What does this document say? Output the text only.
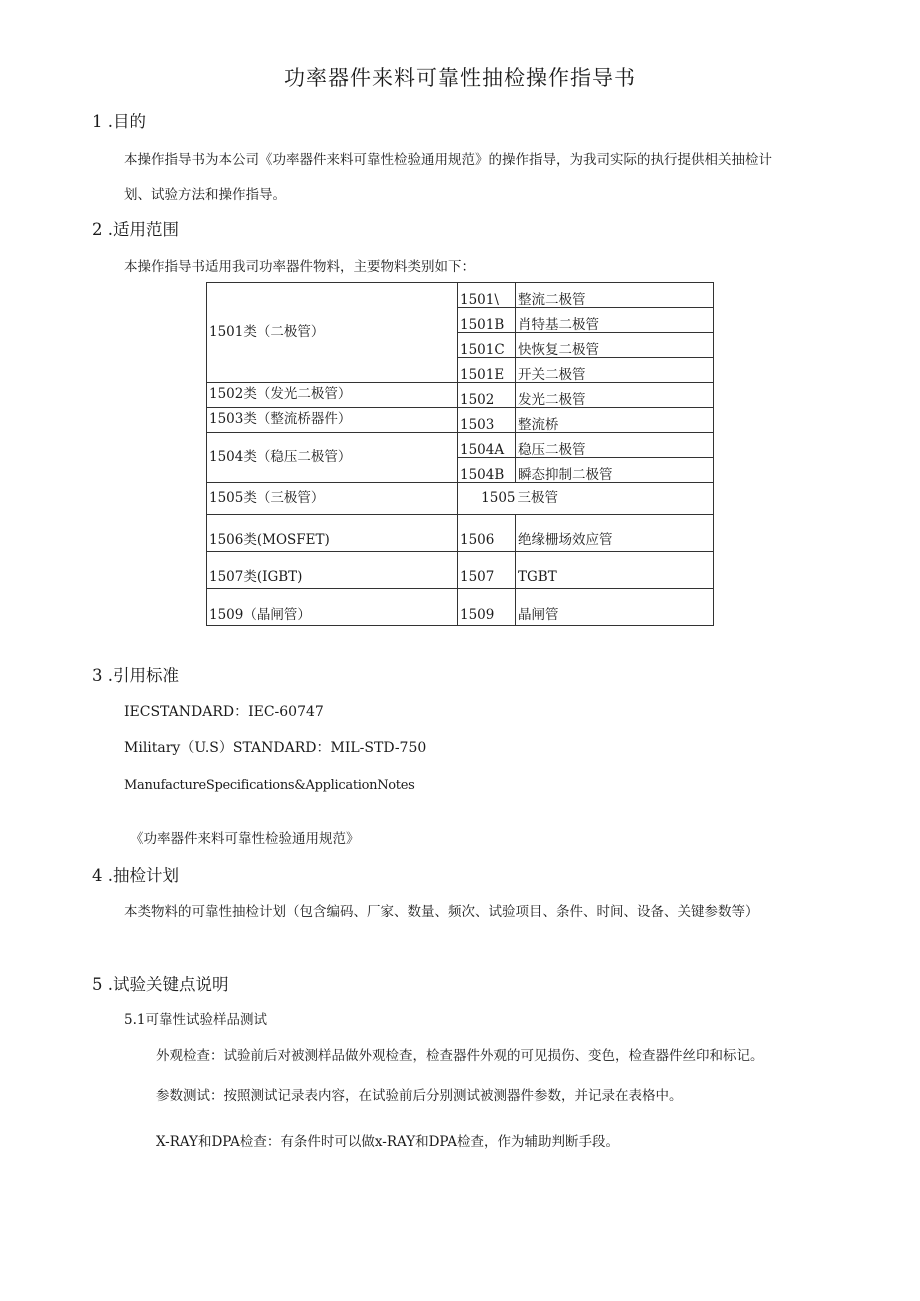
功率器件来料可靠性抽检操作指导书
1 .目的
本操作指导书为本公司《功率器件来料可靠性检验通用规范》的操作指导，为我司实际的执行提供相关抽检计
划、试验方法和操作指导。
2 .适用范围
本操作指导书适用我司功率器件物料，主要物料类别如下：
1501类（二极管）	1501\	整流二极管
	1501B	肖特基二极管
	1501C	快恢复二极管
	1501E	开关二极管
1502类（发光二极管）	1502	发光二极管
1503类（整流桥器件）	1503	整流桥
1504类（稳压二极管）	1504A	稳压二极管
	1504B	瞬态抑制二极管
1505类（三极管）	1505	三极管
1506类(MOSFET)	1506	绝缘栅场效应管
1507类(IGBT)	1507	TGBT
1509（晶闸管）	1509	晶闸管
3 .引用标准
IECSTANDARD：IEC-60747
Military（U.S）STANDARD：MIL-STD-750
ManufactureSpecifications&ApplicationNotes
《功率器件来料可靠性检验通用规范》
4 .抽检计划
本类物料的可靠性抽检计划（包含编码、厂家、数量、频次、试验项目、条件、时间、设备、关键参数等）
5 .试验关键点说明
5.1可靠性试验样品测试
外观检查：试验前后对被测样品做外观检查，检查器件外观的可见损伤、变色，检查器件丝印和标记。
参数测试：按照测试记录表内容，在试验前后分别测试被测器件参数，并记录在表格中。
X-RAY和DPA检查：有条件时可以做x-RAY和DPA检查，作为辅助判断手段。
